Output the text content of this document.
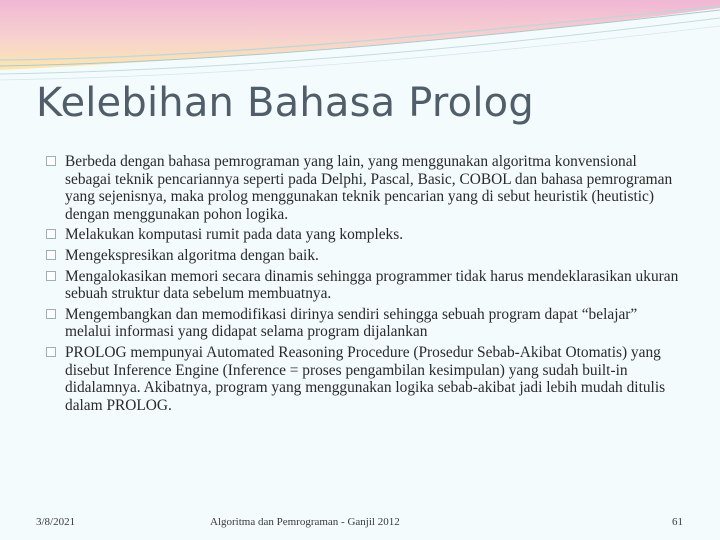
Kelebihan Bahasa Prolog
Berbeda dengan bahasa pemrograman yang lain, yang menggunakan algoritma konvensional sebagai teknik pencariannya seperti pada Delphi, Pascal, Basic, COBOL dan bahasa pemrograman yang sejenisnya, maka prolog menggunakan teknik pencarian yang di sebut heuristik (heutistic) dengan menggunakan pohon logika.
Melakukan komputasi rumit pada data yang kompleks.
Mengekspresikan algoritma dengan baik.
Mengalokasikan memori secara dinamis sehingga programmer tidak harus mendeklarasikan ukuran sebuah struktur data sebelum membuatnya.
Mengembangkan dan memodifikasi dirinya sendiri sehingga sebuah program dapat “belajar” melalui informasi yang didapat selama program dijalankan
PROLOG mempunyai Automated Reasoning Procedure (Prosedur Sebab-Akibat Otomatis) yang disebut Inference Engine (Inference = proses pengambilan kesimpulan) yang sudah built-in didalamnya. Akibatnya, program yang menggunakan logika sebab-akibat jadi lebih mudah ditulis dalam PROLOG.
3/8/2021	Algoritma dan Pemrograman - Ganjil 2012	61
